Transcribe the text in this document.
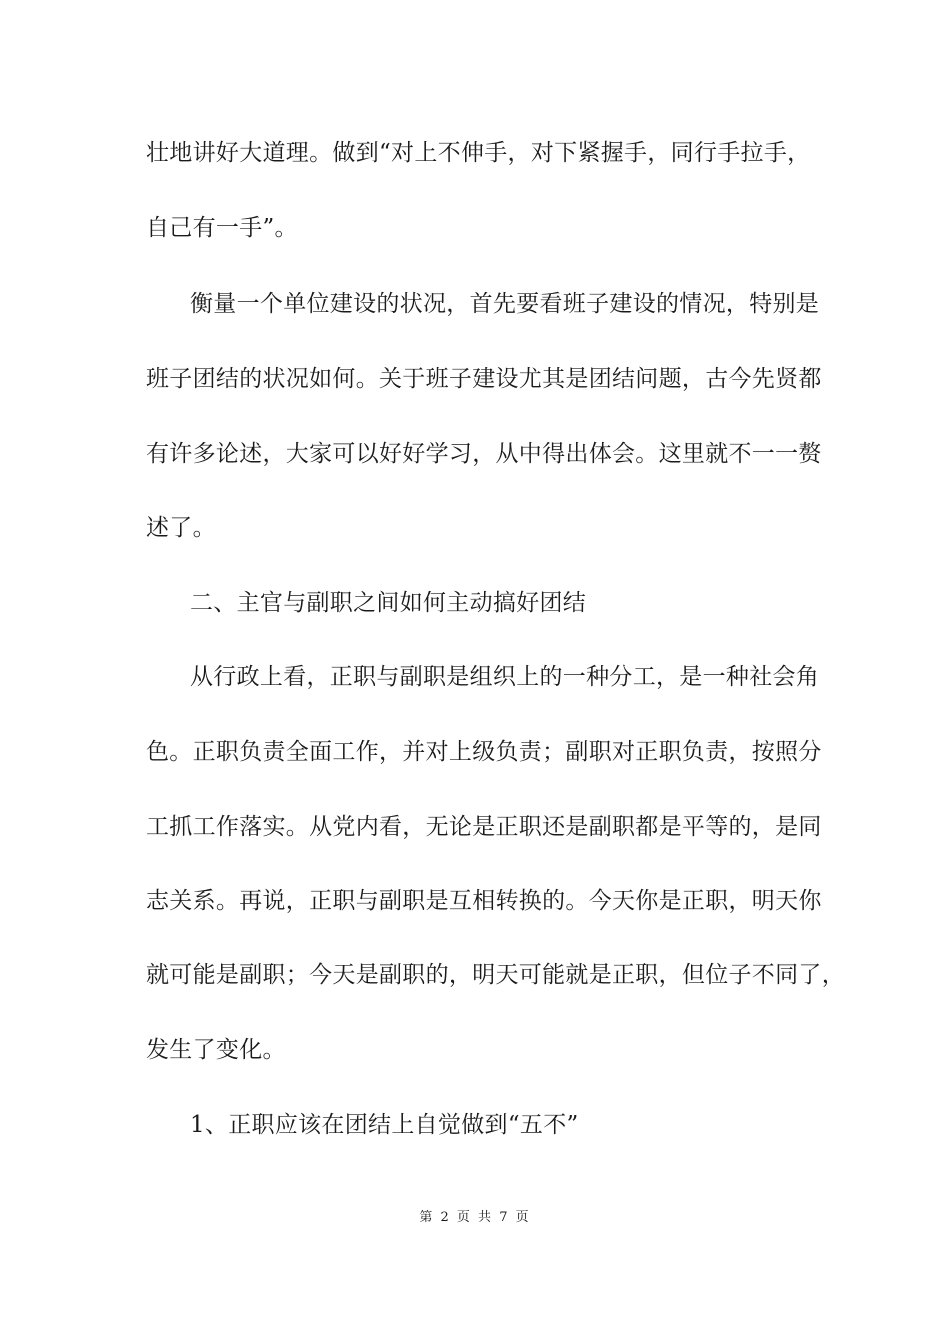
壮地讲好大道理。做到“对上不伸手，对下紧握手，同行手拉手，
自己有一手”。
衡量一个单位建设的状况，首先要看班子建设的情况，特别是
班子团结的状况如何。关于班子建设尤其是团结问题，古今先贤都
有许多论述，大家可以好好学习，从中得出体会。这里就不一一赘
述了。
二、主官与副职之间如何主动搞好团结
从行政上看，正职与副职是组织上的一种分工，是一种社会角
色。正职负责全面工作，并对上级负责；副职对正职负责，按照分
工抓工作落实。从党内看，无论是正职还是副职都是平等的，是同
志关系。再说，正职与副职是互相转换的。今天你是正职，明天你
就可能是副职；今天是副职的，明天可能就是正职，但位子不同了，
发生了变化。
1、正职应该在团结上自觉做到“五不”
第 2 页 共 7 页
